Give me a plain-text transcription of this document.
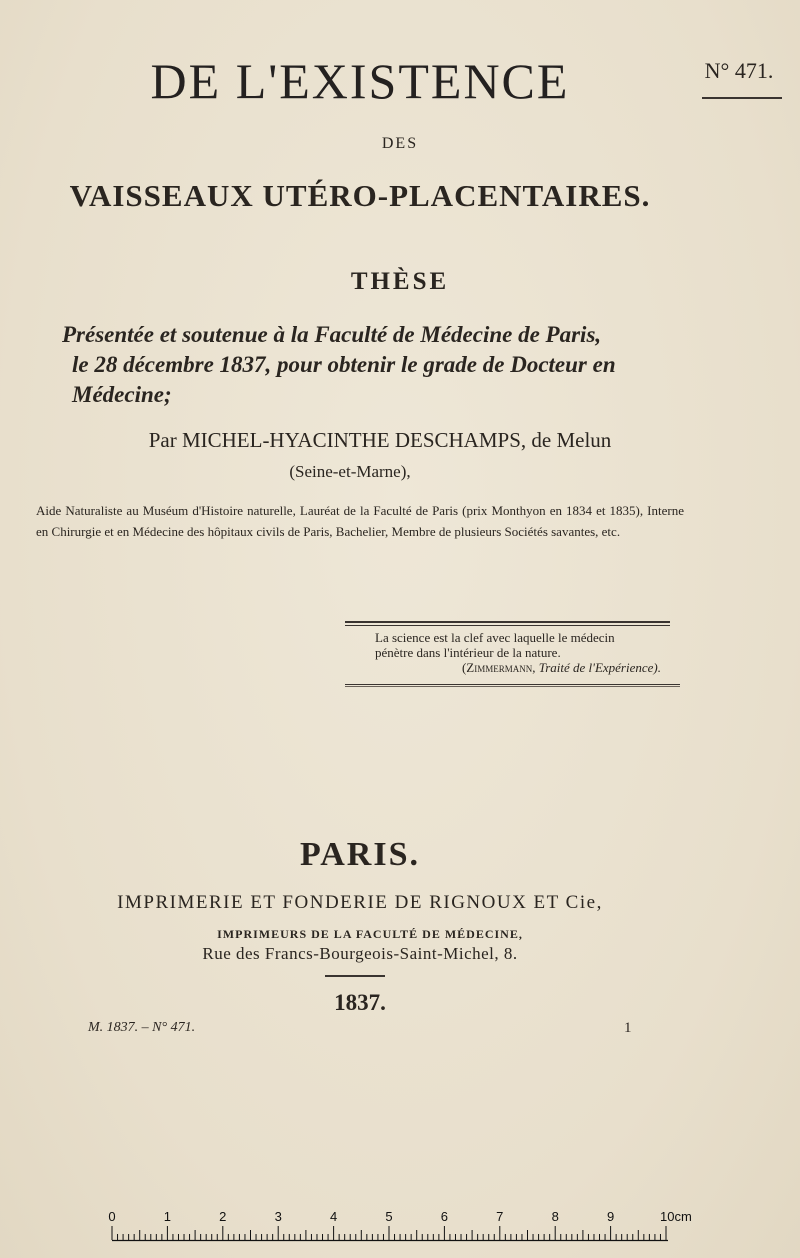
DE L'EXISTENCE	N° 471.
DES
VAISSEAUX UTÉRO-PLACENTAIRES.
THÈSE
Présentée et soutenue à la Faculté de Médecine de Paris,
le 28 décembre 1837, pour obtenir le grade de Docteur en
Médecine;
Par MICHEL-HYACINTHE DESCHAMPS, de Melun
(Seine-et-Marne),
Aide Naturaliste au Muséum d'Histoire naturelle, Lauréat de la Faculté de Paris (prix Monthyon en 1834 et 1835), Interne en Chirurgie et en Médecine des hôpitaux civils de Paris, Bachelier, Membre de plusieurs Sociétés savantes, etc.
La science est la clef avec laquelle le médecin
pénètre dans l'intérieur de la nature.
(Zimmermann, Traité de l'Expérience).
PARIS.
IMPRIMERIE ET FONDERIE DE RIGNOUX ET Cie,
IMPRIMEURS DE LA FACULTÉ DE MÉDECINE,
Rue des Francs-Bourgeois-Saint-Michel, 8.
1837.
M. 1837. – N° 471.	1
0	1	2	3	4	5	6	7	8	9	10cm
